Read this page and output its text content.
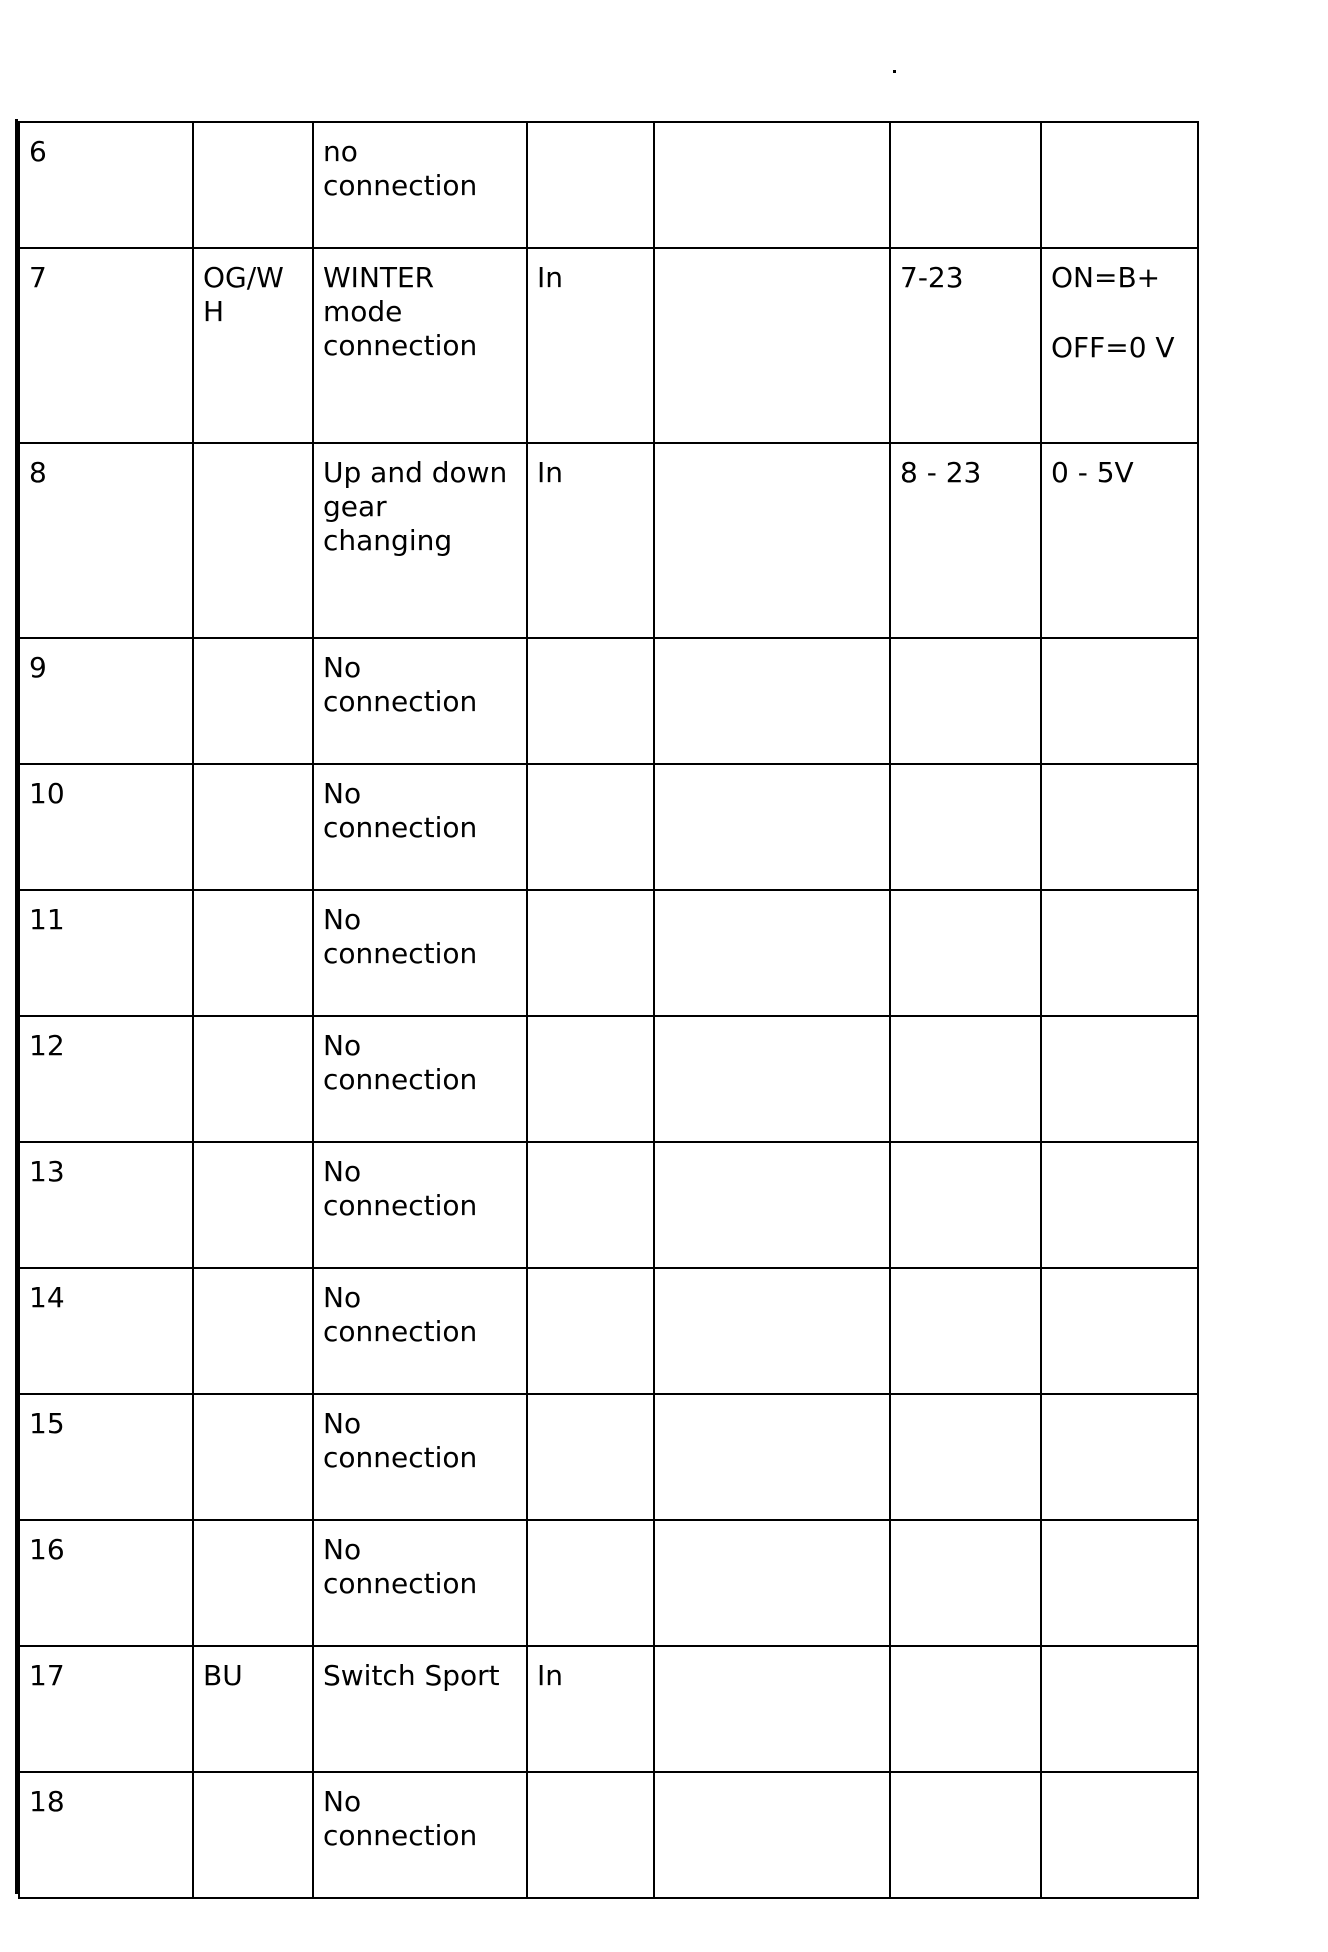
6		no connection				
7	OG/WH	WINTER mode connection	In		7-23	ON=B+
OFF=0 V

8		Up and down gear changing	In		8 - 23	0 - 5V

9		No connection				
10		No connection				
11		No connection				
12		No connection				
13		No connection				
14		No connection				
15		No connection				
16		No connection				
17	BU	Switch Sport	In			
18		No connection				
